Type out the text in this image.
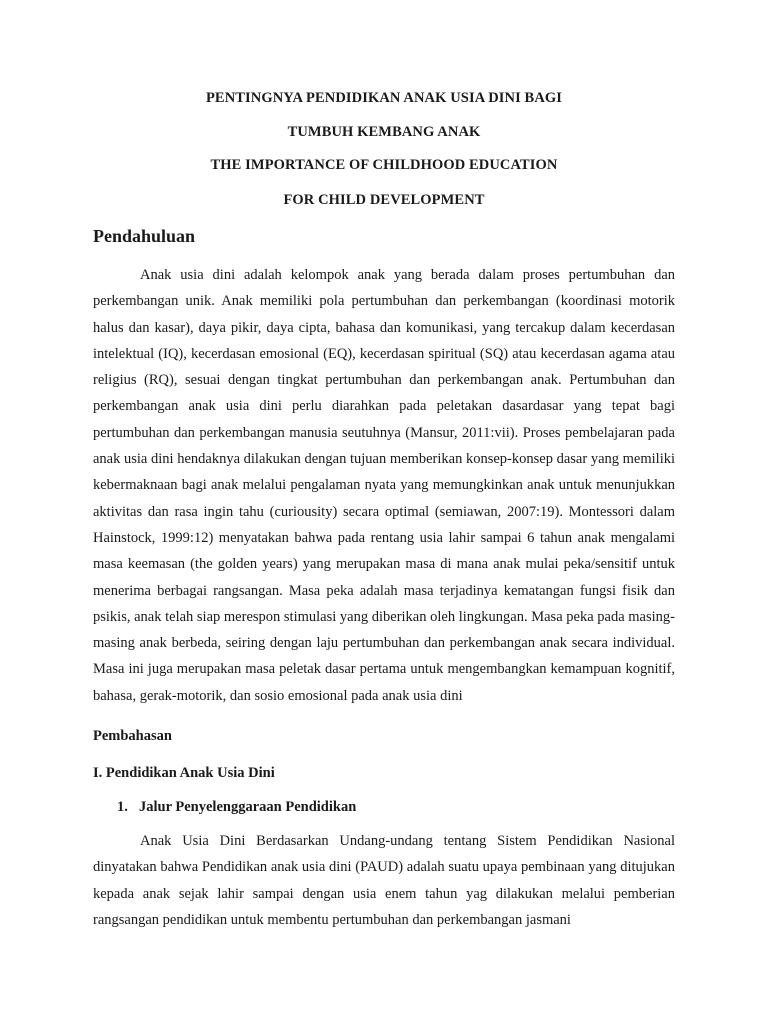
PENTINGNYA PENDIDIKAN ANAK USIA DINI BAGI
TUMBUH KEMBANG ANAK
THE IMPORTANCE OF CHILDHOOD EDUCATION
FOR CHILD DEVELOPMENT
Pendahuluan

Anak usia dini adalah kelompok anak yang berada dalam proses pertumbuhan dan perkembangan unik. Anak memiliki pola pertumbuhan dan perkembangan (koordinasi motorik halus dan kasar), daya pikir, daya cipta, bahasa dan komunikasi, yang tercakup dalam kecerdasan intelektual (IQ), kecerdasan emosional (EQ), kecerdasan spiritual (SQ) atau kecerdasan agama atau religius (RQ), sesuai dengan tingkat pertumbuhan dan perkembangan anak. Pertumbuhan dan perkembangan anak usia dini perlu diarahkan pada peletakan dasardasar yang tepat bagi pertumbuhan dan perkembangan manusia seutuhnya (Mansur, 2011:vii). Proses pembelajaran pada anak usia dini hendaknya dilakukan dengan tujuan memberikan konsep-konsep dasar yang memiliki kebermaknaan bagi anak melalui pengalaman nyata yang memungkinkan anak untuk menunjukkan aktivitas dan rasa ingin tahu (curiousity) secara optimal (semiawan, 2007:19). Montessori dalam Hainstock, 1999:12) menyatakan bahwa pada rentang usia lahir sampai 6 tahun anak mengalami masa keemasan (the golden years) yang merupakan masa di mana anak mulai peka/sensitif untuk menerima berbagai rangsangan. Masa peka adalah masa terjadinya kematangan fungsi fisik dan psikis, anak telah siap merespon stimulasi yang diberikan oleh lingkungan. Masa peka pada masing-masing anak berbeda, seiring dengan laju pertumbuhan dan perkembangan anak secara individual. Masa ini juga merupakan masa peletak dasar pertama untuk mengembangkan kemampuan kognitif, bahasa, gerak-motorik, dan sosio emosional pada anak usia dini

Pembahasan
I. Pendidikan Anak Usia Dini
1. Jalur Penyelenggaraan Pendidikan

Anak Usia Dini Berdasarkan Undang-undang tentang Sistem Pendidikan Nasional dinyatakan bahwa Pendidikan anak usia dini (PAUD) adalah suatu upaya pembinaan yang ditujukan kepada anak sejak lahir sampai dengan usia enem tahun yag dilakukan melalui pemberian rangsangan pendidikan untuk membentu pertumbuhan dan perkembangan jasmani
